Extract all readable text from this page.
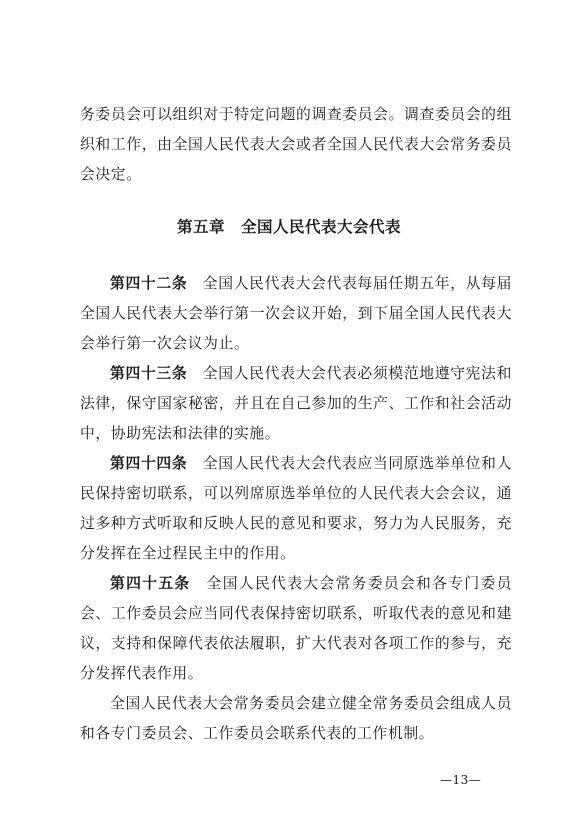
务委员会可以组织对于特定问题的调查委员会。调查委员会的组织和工作，由全国人民代表大会或者全国人民代表大会常务委员会决定。

第五章　全国人民代表大会代表

第四十二条　 全国人民代表大会代表每届任期五年，从每届全国人民代表大会举行第一次会议开始，到下届全国人民代表大会举行第一次会议为止。

第四十三条　 全国人民代表大会代表必须模范地遵守宪法和法律，保守国家秘密，并且在自己参加的生产、工作和社会活动中，协助宪法和法律的实施。

第四十四条　 全国人民代表大会代表应当同原选举单位和人民保持密切联系，可以列席原选举单位的人民代表大会会议，通过多种方式听取和反映人民的意见和要求，努力为人民服务，充分发挥在全过程民主中的作用。

第四十五条　 全国人民代表大会常务委员会和各专门委员会、工作委员会应当同代表保持密切联系，听取代表的意见和建议，支持和保障代表依法履职，扩大代表对各项工作的参与，充分发挥代表作用。

全国人民代表大会常务委员会建立健全常务委员会组成人员和各专门委员会、工作委员会联系代表的工作机制。

—13—
